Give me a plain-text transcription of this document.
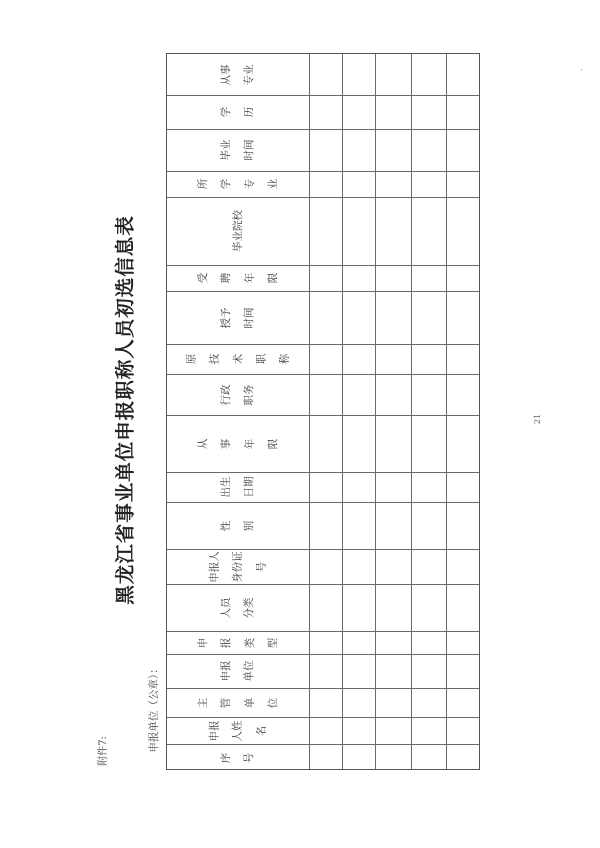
附件7:
黑龙江省事业单位申报职称人员初选信息表
申报单位（公章）：
21
从事 专业
学 历
毕业 时间
所 学 专 业
毕业院校
受 聘 年 限
授予 时间
原 技 术 职 称
行政 职务
从 事 年 限
出生 日期
性 别
申报人 身份证 号
人员 分类
申 报 类 型
申报 单位
主 管 单 位
申报 人姓 名
序 号
·
